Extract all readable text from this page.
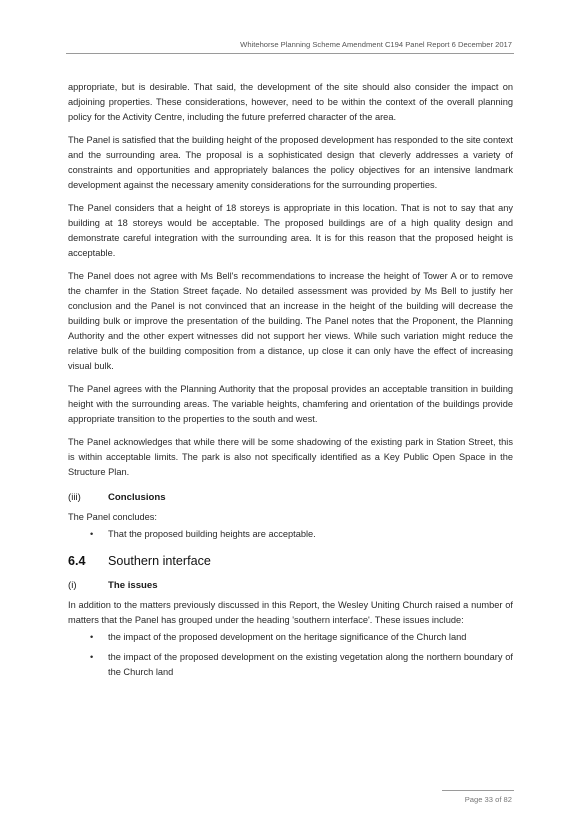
Whitehorse Planning Scheme Amendment C194 Panel Report 6 December 2017

appropriate, but is desirable. That said, the development of the site should also consider the impact on adjoining properties. These considerations, however, need to be within the context of the overall planning policy for the Activity Centre, including the future preferred character of the area.

The Panel is satisfied that the building height of the proposed development has responded to the site context and the surrounding area. The proposal is a sophisticated design that cleverly addresses a variety of constraints and opportunities and appropriately balances the policy objectives for an intensive landmark development against the necessary amenity considerations for the surrounding properties.

The Panel considers that a height of 18 storeys is appropriate in this location. That is not to say that any building at 18 storeys would be acceptable. The proposed buildings are of a high quality design and demonstrate careful integration with the surrounding area. It is for this reason that the proposed height is acceptable.

The Panel does not agree with Ms Bell's recommendations to increase the height of Tower A or to remove the chamfer in the Station Street façade. No detailed assessment was provided by Ms Bell to justify her conclusion and the Panel is not convinced that an increase in the height of the building will decrease the building bulk or improve the presentation of the building. The Panel notes that the Proponent, the Planning Authority and the other expert witnesses did not support her views. While such variation might reduce the relative bulk of the building composition from a distance, up close it can only have the effect of increasing visual bulk.

The Panel agrees with the Planning Authority that the proposal provides an acceptable transition in building height with the surrounding areas. The variable heights, chamfering and orientation of the buildings provide appropriate transition to the properties to the south and west.

The Panel acknowledges that while there will be some shadowing of the existing park in Station Street, this is within acceptable limits. The park is also not specifically identified as a Key Public Open Space in the Structure Plan.

(iii)	Conclusions

The Panel concludes:

• That the proposed building heights are acceptable.
6.4 Southern interface
(i)	The issues

In addition to the matters previously discussed in this Report, the Wesley Uniting Church raised a number of matters that the Panel has grouped under the heading 'southern interface'. These issues include:

• the impact of the proposed development on the heritage significance of the Church land
• the impact of the proposed development on the existing vegetation along the northern boundary of the Church land
Page 33 of 82
